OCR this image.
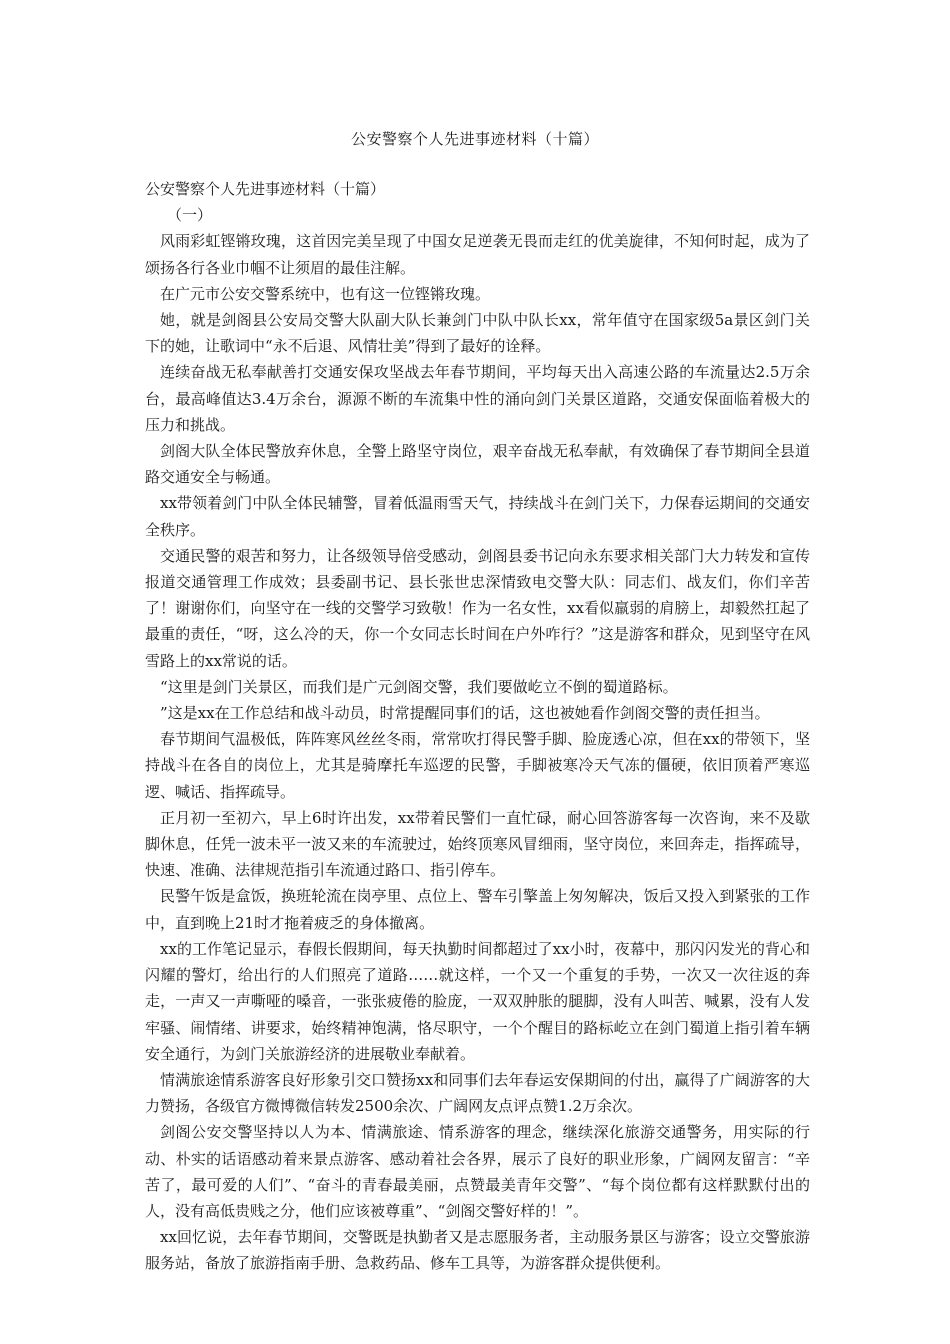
公安警察个人先进事迹材料（十篇）

公安警察个人先进事迹材料（十篇）

（一）

风雨彩虹铿锵玫瑰，这首因完美呈现了中国女足逆袭无畏而走红的优美旋律，不知何时起，成为了颂扬各行各业巾帼不让须眉的最佳注解。

在广元市公安交警系统中，也有这一位铿锵玫瑰。

她，就是剑阁县公安局交警大队副大队长兼剑门中队中队长xx，常年值守在国家级5a景区剑门关下的她，让歌词中“永不后退、风情壮美”得到了最好的诠释。

连续奋战无私奉献善打交通安保攻坚战去年春节期间，平均每天出入高速公路的车流量达2.5万余台，最高峰值达3.4万余台，源源不断的车流集中性的涌向剑门关景区道路，交通安保面临着极大的压力和挑战。

剑阁大队全体民警放弃休息，全警上路坚守岗位，艰辛奋战无私奉献，有效确保了春节期间全县道路交通安全与畅通。

xx带领着剑门中队全体民辅警，冒着低温雨雪天气，持续战斗在剑门关下，力保春运期间的交通安全秩序。

交通民警的艰苦和努力，让各级领导倍受感动，剑阁县委书记向永东要求相关部门大力转发和宣传报道交通管理工作成效；县委副书记、县长张世忠深情致电交警大队：同志们、战友们，你们辛苦了！谢谢你们，向坚守在一线的交警学习致敬！作为一名女性，xx看似羸弱的肩膀上，却毅然扛起了最重的责任，“呀，这么冷的天，你一个女同志长时间在户外咋行？”这是游客和群众，见到坚守在风雪路上的xx常说的话。

“这里是剑门关景区，而我们是广元剑阁交警，我们要做屹立不倒的蜀道路标。

”这是xx在工作总结和战斗动员，时常提醒同事们的话，这也被她看作剑阁交警的责任担当。

春节期间气温极低，阵阵寒风丝丝冬雨，常常吹打得民警手脚、脸庞透心凉，但在xx的带领下，坚持战斗在各自的岗位上，尤其是骑摩托车巡逻的民警，手脚被寒冷天气冻的僵硬，依旧顶着严寒巡逻、喊话、指挥疏导。

正月初一至初六，早上6时许出发，xx带着民警们一直忙碌，耐心回答游客每一次咨询，来不及歇脚休息，任凭一波未平一波又来的车流驶过，始终顶寒风冒细雨，坚守岗位，来回奔走，指挥疏导，快速、准确、法律规范指引车流通过路口、指引停车。

民警午饭是盒饭，换班轮流在岗亭里、点位上、警车引擎盖上匆匆解决，饭后又投入到紧张的工作中，直到晚上21时才拖着疲乏的身体撤离。

xx的工作笔记显示，春假长假期间，每天执勤时间都超过了xx小时，夜幕中，那闪闪发光的背心和闪耀的警灯，给出行的人们照亮了道路……就这样，一个又一个重复的手势，一次又一次往返的奔走，一声又一声嘶哑的嗓音，一张张疲倦的脸庞，一双双肿胀的腿脚，没有人叫苦、喊累，没有人发牢骚、闹情绪、讲要求，始终精神饱满，恪尽职守，一个个醒目的路标屹立在剑门蜀道上指引着车辆安全通行，为剑门关旅游经济的进展敬业奉献着。

情满旅途情系游客良好形象引交口赞扬xx和同事们去年春运安保期间的付出，赢得了广阔游客的大力赞扬，各级官方微博微信转发2500余次、广阔网友点评点赞1.2万余次。

剑阁公安交警坚持以人为本、情满旅途、情系游客的理念，继续深化旅游交通警务，用实际的行动、朴实的话语感动着来景点游客、感动着社会各界，展示了良好的职业形象，广阔网友留言：“辛苦了，最可爱的人们”、“奋斗的青春最美丽，点赞最美青年交警”、“每个岗位都有这样默默付出的人，没有高低贵贱之分，他们应该被尊重”、“剑阁交警好样的！”。

xx回忆说，去年春节期间，交警既是执勤者又是志愿服务者，主动服务景区与游客；设立交警旅游服务站，备放了旅游指南手册、急救药品、修车工具等，为游客群众提供便利。
